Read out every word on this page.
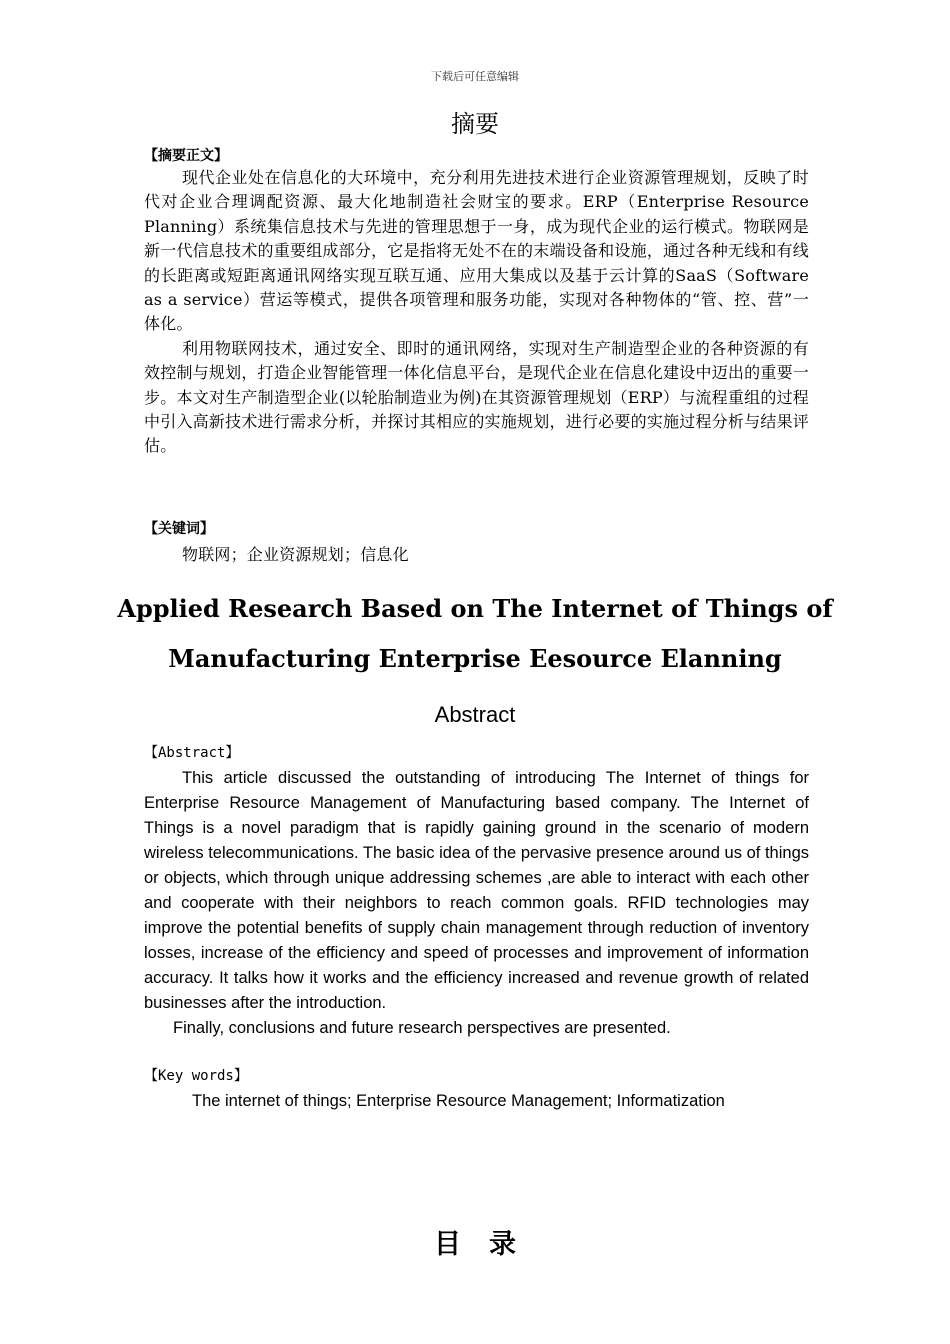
下载后可任意编辑
摘要
【摘要正文】

现代企业处在信息化的大环境中，充分利用先进技术进行企业资源管理规划，反映了时代对企业合理调配资源、最大化地制造社会财宝的要求。ERP（Enterprise Resource Planning）系统集信息技术与先进的管理思想于一身，成为现代企业的运行模式。物联网是新一代信息技术的重要组成部分，它是指将无处不在的末端设备和设施，通过各种无线和有线的长距离或短距离通讯网络实现互联互通、应用大集成以及基于云计算的SaaS（Software as a service）营运等模式，提供各项管理和服务功能，实现对各种物体的“管、控、营”一体化。

利用物联网技术，通过安全、即时的通讯网络，实现对生产制造型企业的各种资源的有效控制与规划，打造企业智能管理一体化信息平台，是现代企业在信息化建设中迈出的重要一步。本文对生产制造型企业(以轮胎制造业为例)在其资源管理规划（ERP）与流程重组的过程中引入高新技术进行需求分析，并探讨其相应的实施规划，进行必要的实施过程分析与结果评估。

【关键词】
物联网；企业资源规划；信息化
Applied Research Based on The Internet of Things of
Manufacturing Enterprise Eesource Elanning
Abstract
【Abstract】

This article discussed the outstanding of introducing The Internet of things for Enterprise Resource Management of Manufacturing based company. The Internet of Things is a novel paradigm that is rapidly gaining ground in the scenario of modern wireless telecommunications. The basic idea of the pervasive presence around us of things or objects, which through unique addressing schemes ,are able to interact with each other and cooperate with their neighbors to reach common goals. RFID technologies may improve the potential benefits of supply chain management through reduction of inventory losses, increase of the efficiency and speed of processes and improvement of information accuracy. It talks how it works and the efficiency increased and revenue growth of related businesses after the introduction.

Finally, conclusions and future research perspectives are presented.

【Key words】
The internet of things; Enterprise Resource Management; Informatization
目录
